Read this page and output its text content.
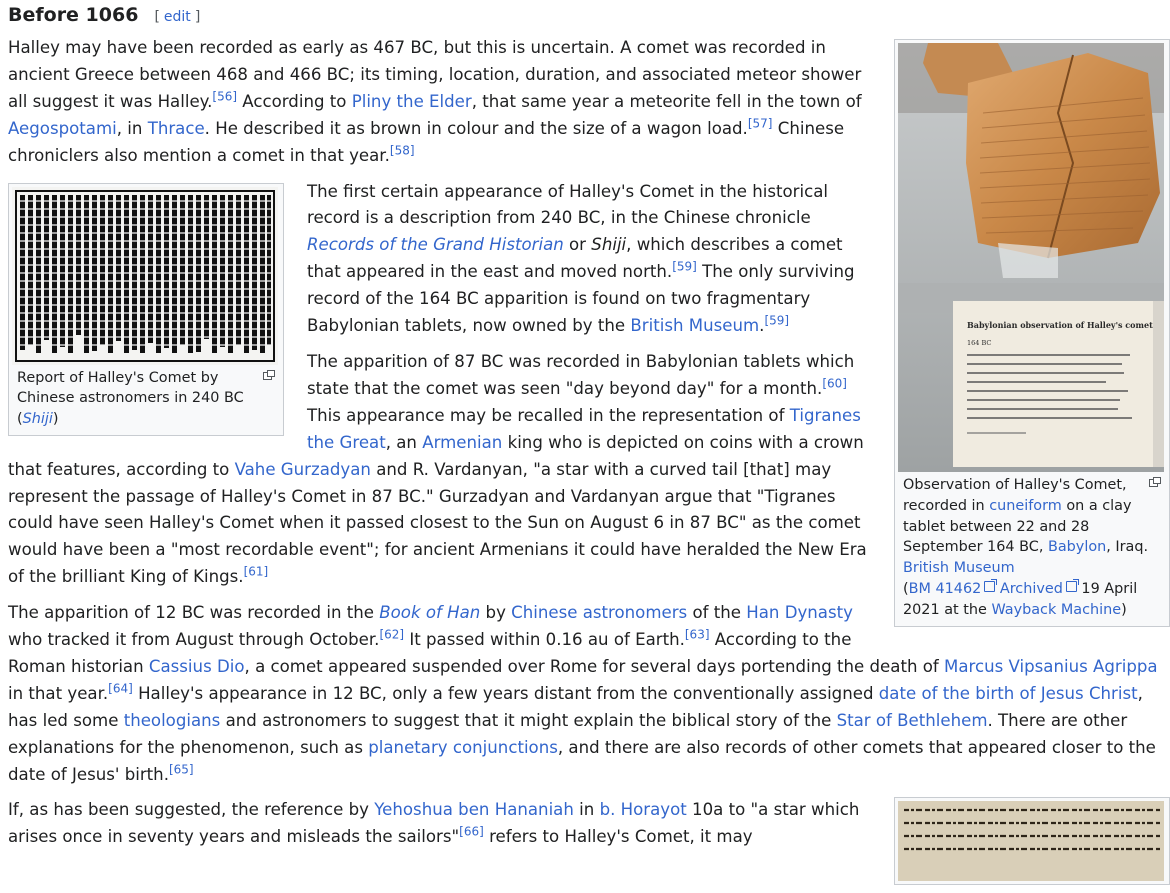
Before 1066 [ edit ]
Babylonian observation of Halley's comet
164 BC
Observation of Halley's Comet, recorded in cuneiform on a clay tablet between 22 and 28 September 164 BC, Babylon, Iraq. British Museum
(BM 41462 Archived 19 April 2021 at the Wayback Machine)

Halley may have been recorded as early as 467 BC, but this is uncertain. A comet was recorded in ancient Greece between 468 and 466 BC; its timing, location, duration, and associated meteor shower all suggest it was Halley.[56] According to Pliny the Elder, that same year a meteorite fell in the town of Aegospotami, in Thrace. He described it as brown in colour and the size of a wagon load.[57] Chinese chroniclers also mention a comet in that year.[58]

Report of Halley's Comet by Chinese astronomers in 240 BC (Shiji)

The first certain appearance of Halley's Comet in the historical record is a description from 240 BC, in the Chinese chronicle Records of the Grand Historian or Shiji, which describes a comet that appeared in the east and moved north.[59] The only surviving record of the 164 BC apparition is found on two fragmentary Babylonian tablets, now owned by the British Museum.[59]

The apparition of 87 BC was recorded in Babylonian tablets which state that the comet was seen "day beyond day" for a month.[60] This appearance may be recalled in the representation of Tigranes the Great, an Armenian king who is depicted on coins with a crown that features, according to Vahe Gurzadyan and R. Vardanyan, "a star with a curved tail [that] may represent the passage of Halley's Comet in 87 BC." Gurzadyan and Vardanyan argue that "Tigranes could have seen Halley's Comet when it passed closest to the Sun on August 6 in 87 BC" as the comet would have been a "most recordable event"; for ancient Armenians it could have heralded the New Era of the brilliant King of Kings.[61]

The apparition of 12 BC was recorded in the Book of Han by Chinese astronomers of the Han Dynasty who tracked it from August through October.[62] It passed within 0.16 au of Earth.[63] According to the Roman historian Cassius Dio, a comet appeared suspended over Rome for several days portending the death of Marcus Vipsanius Agrippa in that year.[64] Halley's appearance in 12 BC, only a few years distant from the conventionally assigned date of the birth of Jesus Christ, has led some theologians and astronomers to suggest that it might explain the biblical story of the Star of Bethlehem. There are other explanations for the phenomenon, such as planetary conjunctions, and there are also records of other comets that appeared closer to the date of Jesus' birth.[65]

If, as has been suggested, the reference by Yehoshua ben Hananiah in b. Horayot 10a to "a star which arises once in seventy years and misleads the sailors"[66] refers to Halley's Comet, it may
